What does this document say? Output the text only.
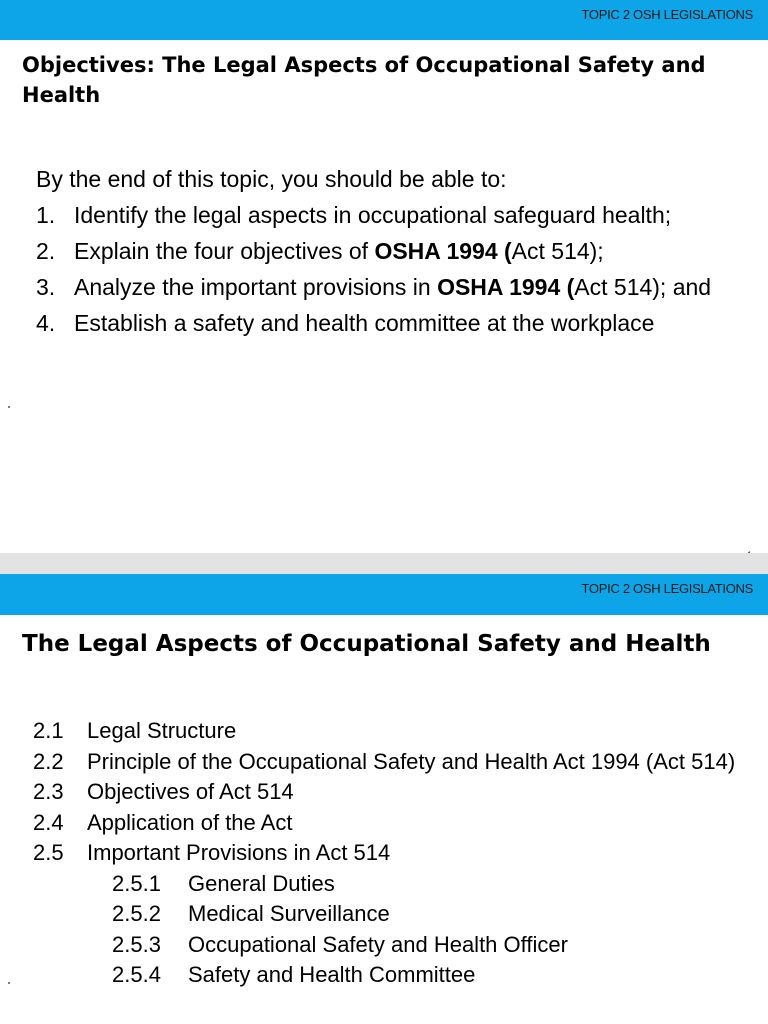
TOPIC 2 OSH LEGISLATIONS
Objectives: The Legal Aspects of Occupational Safety and Health
By the end of this topic, you should be able to:
1. Identify the legal aspects in occupational safeguard health;
2. Explain the four objectives of OSHA 1994 (Act 514);
3. Analyze the important provisions in OSHA 1994 (Act 514); and
4. Establish a safety and health committee at the workplace
TOPIC 2 OSH LEGISLATIONS
The Legal Aspects of Occupational Safety and Health
2.1 Legal Structure
2.2 Principle of the Occupational Safety and Health Act 1994 (Act 514)
2.3 Objectives of Act 514
2.4 Application of the Act
2.5 Important Provisions in Act 514
2.5.1 General Duties
2.5.2 Medical Surveillance
2.5.3 Occupational Safety and Health Officer
2.5.4 Safety and Health Committee
